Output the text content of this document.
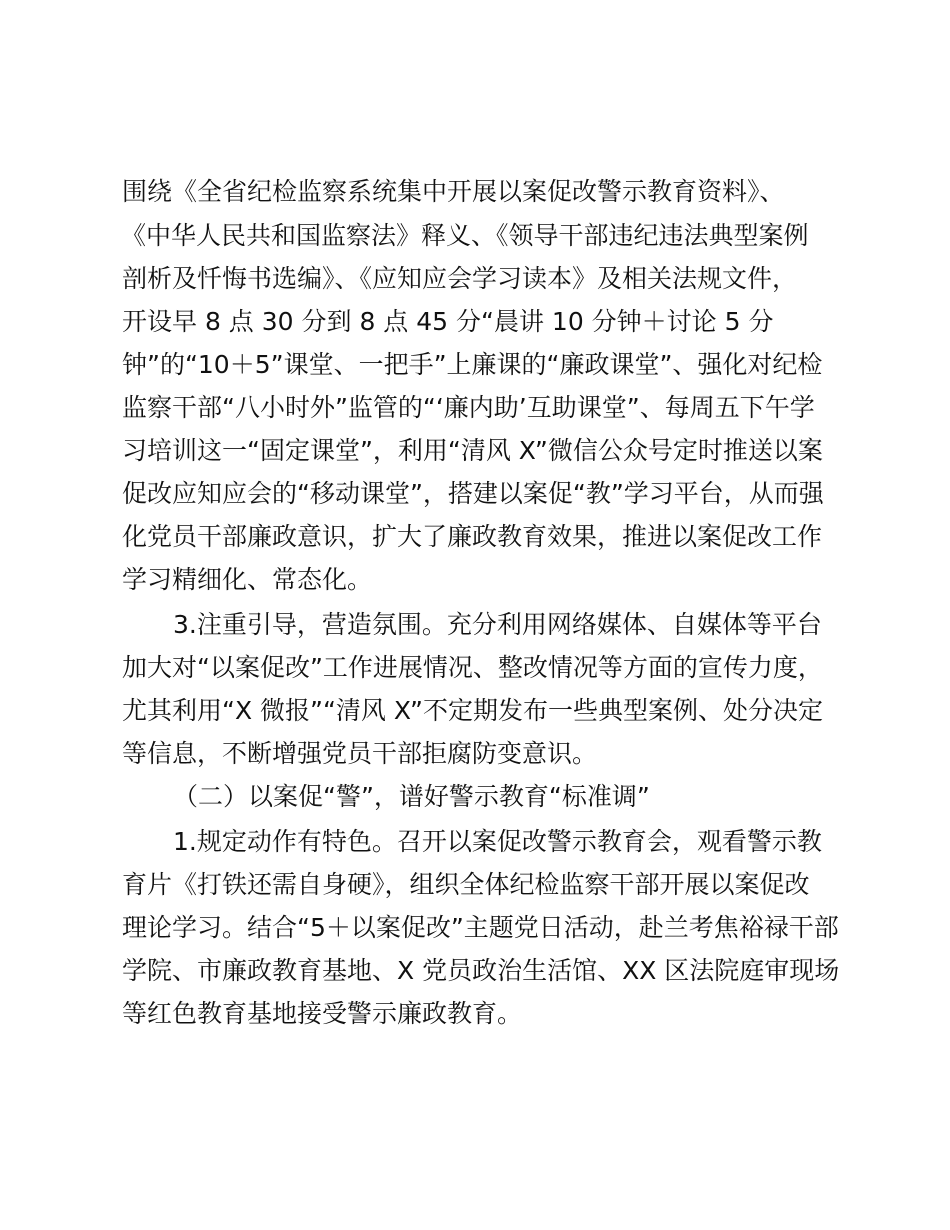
围绕《全省纪检监察系统集中开展以案促改警示教育资料》、
《中华人民共和国监察法》释义、《领导干部违纪违法典型案例
剖析及忏悔书选编》、《应知应会学习读本》及相关法规文件，
开设早 8 点 30 分到 8 点 45 分“晨讲 10 分钟＋讨论 5 分
钟”的“10＋5”课堂、一把手”上廉课的“廉政课堂”、强化对纪检
监察干部“八小时外”监管的“‘廉内助’互助课堂”、每周五下午学
习培训这一“固定课堂”，利用“清风 X”微信公众号定时推送以案
促改应知应会的“移动课堂”，搭建以案促“教”学习平台，从而强
化党员干部廉政意识，扩大了廉政教育效果，推进以案促改工作
学习精细化、常态化。
3.注重引导，营造氛围。充分利用网络媒体、自媒体等平台
加大对“以案促改”工作进展情况、整改情况等方面的宣传力度，
尤其利用“X 微报”“清风 X”不定期发布一些典型案例、处分决定
等信息，不断增强党员干部拒腐防变意识。
（二）以案促“警”，谱好警示教育“标准调”
1.规定动作有特色。召开以案促改警示教育会，观看警示教
育片《打铁还需自身硬》，组织全体纪检监察干部开展以案促改
理论学习。结合“5＋以案促改”主题党日活动，赴兰考焦裕禄干部
学院、市廉政教育基地、X 党员政治生活馆、XX 区法院庭审现场
等红色教育基地接受警示廉政教育。
